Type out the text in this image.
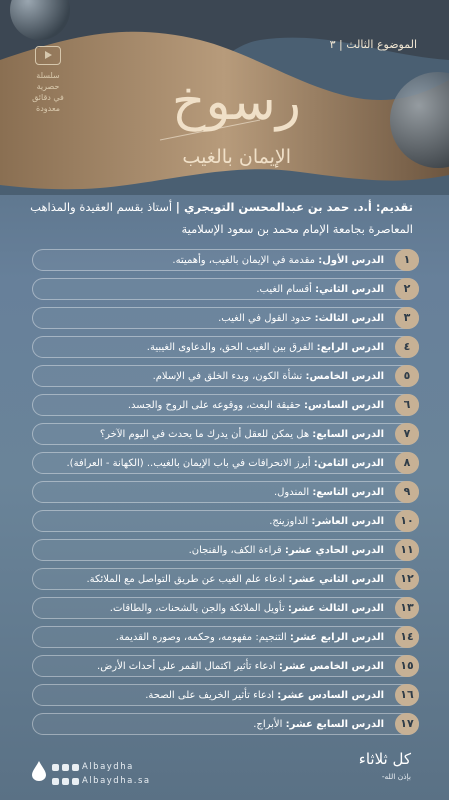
الموضوع الثالث | ٣
سلسلة
حصرية
في دقائق
معدودة رسوخ
الإيمان بالغيب
تقديم: أ.د. حمد بن عبدالمحسن التويجري | أستاذ بقسم العقيدة والمذاهب المعاصرة بجامعة الإمام محمد بن سعود الإسلامية
١
الدرس الأول: مقدمة في الإيمان بالغيب، وأهميته.
٢
الدرس الثاني: أقسام الغيب.
٣
الدرس الثالث: حدود القول في الغيب.
٤
الدرس الرابع: الفرق بين الغيب الحق، والدعاوى الغيبية.
٥
الدرس الخامس: نشأة الكون، وبدء الخلق في الإسلام.
٦
الدرس السادس: حقيقة البعث، ووقوعه على الروح والجسد.
٧
الدرس السابع: هل يمكن للعقل أن يدرك ما يحدث في اليوم الآخر؟
٨
الدرس الثامن: أبرز الانحرافات في باب الإيمان بالغيب.. (الكهانة - العرافة).
٩
الدرس التاسع: المندول.
١٠
الدرس العاشر: الداوزينج.
١١
الدرس الحادي عشر: قراءة الكف، والفنجان.
١٢
الدرس الثاني عشر: ادعاء علم الغيب عن طريق التواصل مع الملائكة.
١٣
الدرس الثالث عشر: تأويل الملائكة والجن بالشحنات، والطاقات.
١٤
الدرس الرابع عشر: التنجيم: مفهومه، وحكمه، وصوره القديمة.
١٥
الدرس الخامس عشر: ادعاء تأثير اكتمال القمر على أحداث الأرض.
١٦
الدرس السادس عشر: ادعاء تأثير الخريف على الصحة.
١٧
الدرس السابع عشر: الأبراج.
Albaydha
Albaydha.sa
كل ثلاثاء
بإذن الله-
